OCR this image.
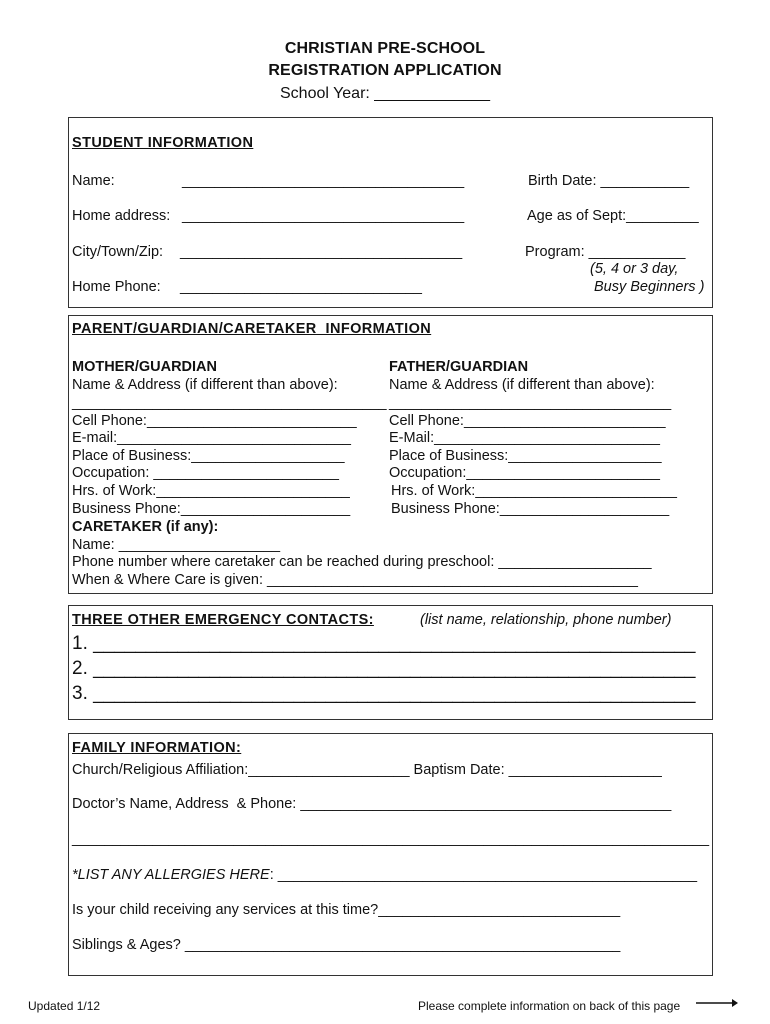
CHRISTIAN PRE-SCHOOL
REGISTRATION APPLICATION
School Year: _____________
STUDENT INFORMATION
Name:	___________________________________	Birth Date: ___________
Home address: ___________________________________	Age as of Sept:_________
City/Town/Zip: ___________________________________	Program: ____________
(5, 4 or 3 day,
Busy Beginners )
Home Phone: ______________________________
PARENT/GUARDIAN/CARETAKER  INFORMATION
MOTHER/GUARDIAN
Name & Address (if different than above):
_______________________________________
Cell Phone:__________________________
E-mail:_____________________________
Place of Business:___________________
Occupation: _______________________
Hrs. of Work:________________________
Business Phone:_____________________
FATHER/GUARDIAN
Name & Address (if different than above):
___________________________________
Cell Phone:_________________________
E-Mail:____________________________
Place of Business:___________________
Occupation:________________________
Hrs. of Work:_________________________
Business Phone:_____________________
CARETAKER (if any):
Name: ____________________
Phone number where caretaker can be reached during preschool: ___________________
When & Where Care is given: ______________________________________________
THREE OTHER EMERGENCY CONTACTS:	(list name, relationship, phone number)
1. _________________________________________________________
2. _________________________________________________________
3. _________________________________________________________
FAMILY INFORMATION:
Church/Religious Affiliation:____________________ Baptism Date: ___________________
Doctor’s Name, Address  & Phone: ______________________________________________
_______________________________________________________________________________
*LIST ANY ALLERGIES HERE: ____________________________________________________
Is your child receiving any services at this time?______________________________
Siblings & Ages? ______________________________________________________
Updated 1/12	Please complete information on back of this page
